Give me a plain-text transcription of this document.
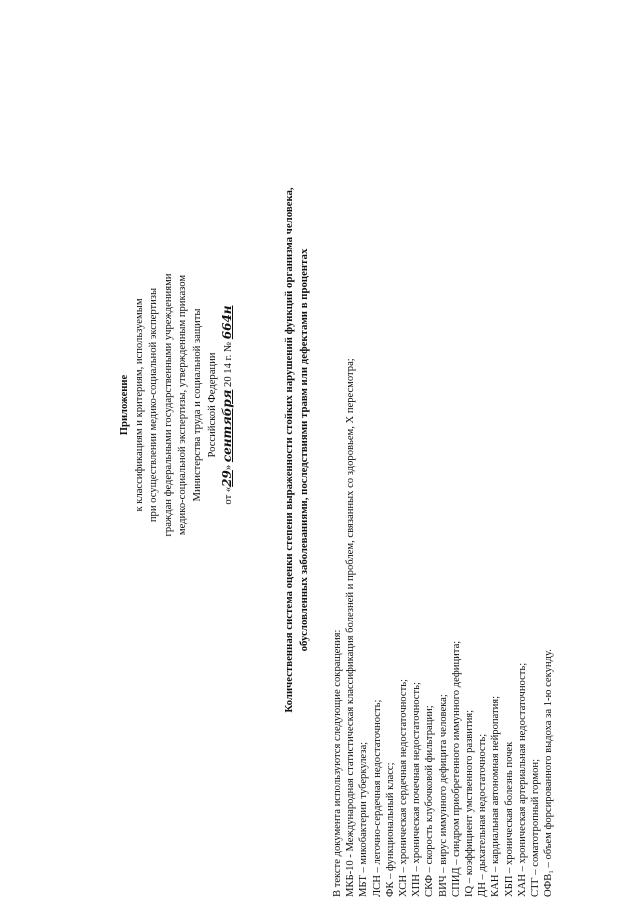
Приложение к классификациям и критериям, используемым при осуществлении медико-социальной экспертизы граждан федеральными государственными учреждениями медико-социальной экспертизы, утвержденным приказом Министерства труда и социальной защиты Российской Федерации
от «29» сентября 20 14 г. № 664н	Количественная система оценки степени выраженности стойких нарушений функций организма человека, обусловленных заболеваниями, последствиями травм или дефектами в процентах
В тексте документа используются следующие сокращения: МКБ-10 - Международная статистическая классификация болезней и проблем, связанных со здоровьем, X пересмотра; МБТ – микобактерии туберкулеза; ЛСН – легочно-сердечная недостаточность; ФК – функциональный класс; ХСН – хроническая сердечная недостаточность; ХПН – хроническая почечная недостаточность; СКФ – скорость клубочковой фильтрации; ВИЧ – вирус иммунного дефицита человека; СПИД – синдром приобретенного иммунного дефицита; IQ – коэффициент умственного развития; ДН – дыхательная недостаточность; КАН – кардиальная автономная нейропатия; ХБП – хроническая болезнь почек ХАН – хроническая артериальная недостаточность; СТГ – соматотропный гормон; ОФВ₁ – объем форсированного выдоха за 1-ю секунду.
